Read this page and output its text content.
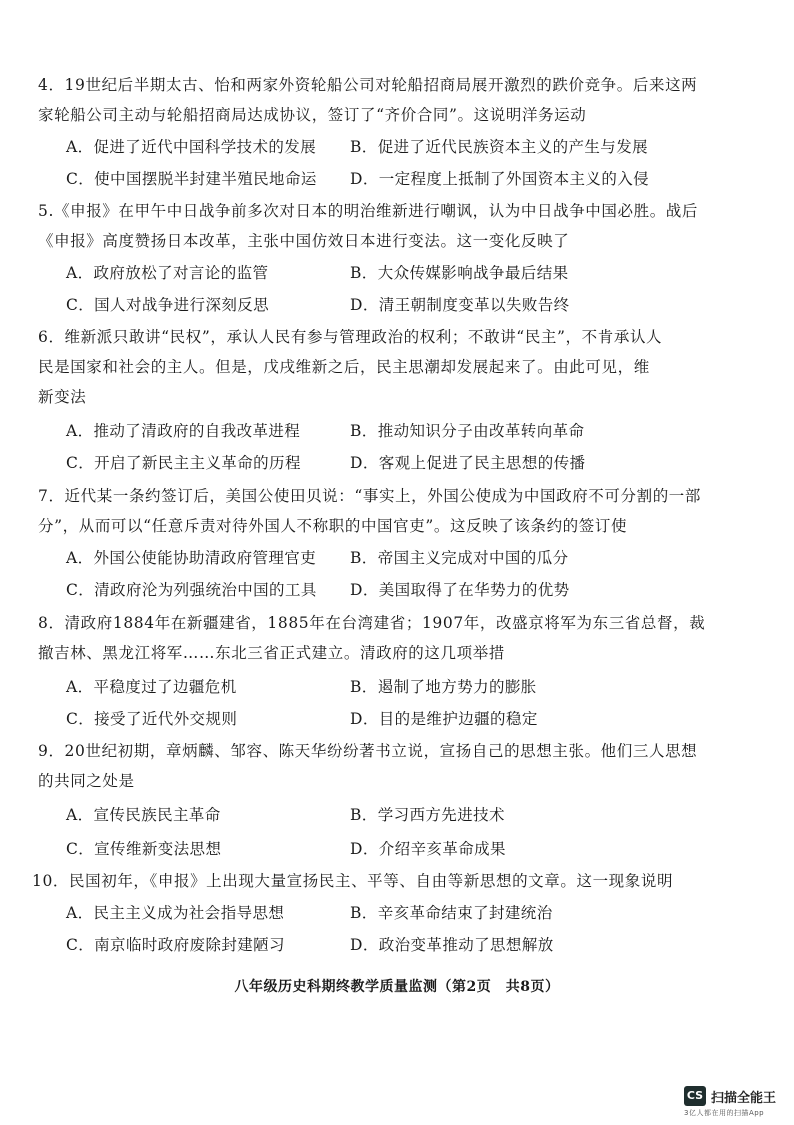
4．19世纪后半期太古、怡和两家外资轮船公司对轮船招商局展开激烈的跌价竞争。后来这两
家轮船公司主动与轮船招商局达成协议，签订了“齐价合同”。这说明洋务运动
A．促进了近代中国科学技术的发展 B．促进了近代民族资本主义的产生与发展
C．使中国摆脱半封建半殖民地命运 D．一定程度上抵制了外国资本主义的入侵
5.《申报》在甲午中日战争前多次对日本的明治维新进行嘲讽，认为中日战争中国必胜。战后
《申报》高度赞扬日本改革，主张中国仿效日本进行变法。这一变化反映了
A．政府放松了对言论的监管	B．大众传媒影响战争最后结果
C．国人对战争进行深刻反思	D．清王朝制度变革以失败告终
6．维新派只敢讲“民权”，承认人民有参与管理政治的权利；不敢讲“民主”，不肯承认人
民是国家和社会的主人。但是，戊戌维新之后，民主思潮却发展起来了。由此可见，维
新变法
A．推动了清政府的自我改革进程	B．推动知识分子由改革转向革命
C．开启了新民主主义革命的历程	D．客观上促进了民主思想的传播
7．近代某一条约签订后，美国公使田贝说：“事实上，外国公使成为中国政府不可分割的一部
分”，从而可以“任意斥责对待外国人不称职的中国官吏”。这反映了该条约的签订使
A．外国公使能协助清政府管理官吏 B．帝国主义完成对中国的瓜分
C．清政府沦为列强统治中国的工具 D．美国取得了在华势力的优势
8．清政府1884年在新疆建省，1885年在台湾建省；1907年，改盛京将军为东三省总督，裁
撤吉林、黑龙江将军……东北三省正式建立。清政府的这几项举措
A．平稳度过了边疆危机	B．遏制了地方势力的膨胀
C．接受了近代外交规则	D．目的是维护边疆的稳定
9．20世纪初期，章炳麟、邹容、陈天华纷纷著书立说，宣扬自己的思想主张。他们三人思想
的共同之处是
A．宣传民族民主革命	B．学习西方先进技术
C．宣传维新变法思想	D．介绍辛亥革命成果
10．民国初年，《申报》上出现大量宣扬民主、平等、自由等新思想的文章。这一现象说明
A．民主主义成为社会指导思想	B．辛亥革命结束了封建统治
C．南京临时政府废除封建陋习	D．政治变革推动了思想解放
八年级历史科期终教学质量监测（第2页　共8页）
CS 扫描全能王
3亿人都在用的扫描App
